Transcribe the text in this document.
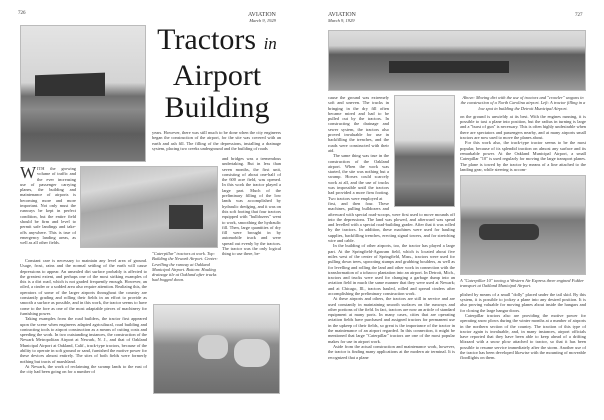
726	AVIATION
March 9, 1929
Tractors in
Airport
Building
years. However, there was still much to be done when the city engineers began the construction of the airport, for the site was covered with an earth and ash fill. The filling of the depressions, installing a drainage system, placing two creeks underground and the building of roads
and bridges was a tremendous undertaking. But in less than seven months, the first unit, consisting of about one-half of the 600 acre field, was opened. In this work the tractor played a large part. Much of the preliminary filling of the low lands was accomplished by hydraulic dredging, and it was on this soft footing that four tractors equipped with "bulldozers" went to work, smoothing the hydraulic fill. Then, large quantities of dry fill were brought in by automobile truck and were spread out evenly by the tractors. The tractor was the only logical thing to use there, be-
WITH the growing volume of traffic and the ever increasing use of passenger carrying planes, the building and maintenance of airports is becoming more and more important. Not only must the runways be kept in perfect condition, but the entire field should be firm and level to permit safe landings and take-offs anywhere. This is true of emergency landing areas, as well as all other fields.
"Caterpillar" tractors at work. Top: Building the Newark Airport. Center: Levelling the runway at Oakland Municipal Airport. Bottom: Hauling drainage tile at Oakland after trucks had bogged down.

Constant care is necessary to maintain any level area of ground. Usage, frost, rains and the normal settling of the earth will cause depressions to appear. An unsealed dirt surface probably is affected to the greatest extent, and perhaps one of the most striking examples of this is a dirt road, which is not graded frequently enough. However, an oiled, a cinder or a sodded area also require attention. Realizing this, the operators of some of the larger airports throughout the country are constantly grading and rolling their fields in an effort to provide as smooth a surface as possible, and in this work, the tractor seems to have come to the fore as one of the most adaptable pieces of machinery for furnishing power.

Taking examples from the road builders, the tractor first appeared upon the scene when engineers adapted agricultural, road building and contracting tools to airport construction as a means of cutting costs and speeding the work. In two outstanding instances, the construction of the Newark Metropolitan Airport at Newark, N. J., and that of Oakland Municipal Airport at Oakland, Calif., track-type tractors, because of the ability to operate in soft ground or sand, furnished the motive power for these devices almost entirely. The sites of both fields were formerly nothing but tracts of marshland.

At Newark, the work of reclaiming the swamp lands to the east of the city had been going on for a number of

AVIATION
March 9, 1929
727
cause the ground was extremely soft and uneven. The trucks in bringing in the dry fill often became mired and had to be pulled out by the tractors. In constructing the drainage and sewer system, the tractors also proved invaluable for use in backfilling the trenches, and the roads were constructed with their aid.
The same thing was true in the construction of the Oakland airport. When the work was started, the site was nothing but a swamp. Horses could scarcely work at all, and the use of trucks was impossible until the tractors had provided a more firm footing. Two tractors were employed at

first, and then four. These machines, pulling bulldozers and afterward with special road-scoops, were first used to move mounds off into the depressions. The land was plowed, and afterward was spead and levelled with a special road-building grader. After that it was rolled by the tractors. In addition, these machines were used for hauling supplies, backfilling trenches, erecting signal towers, and for stretching wire and cable.

In the building of other airports, too, the tractor has played a large part. At the Springfield-Agawam field, which is located about five miles west of the center of Springfield, Mass., tractors were used for pulling down trees, uprooting stumps and grubbing boulders, as well as for levelling and rolling the land and other work in connection with the transformation of a tobacco plantation into an airport. In Detroit, Mich., tractors and trucks were used for changing a garbage dump into an aviation field in much the same manner that they were used at Newark; and at Chicago, Ill., tractors hauled, rolled and spread cinders after accomplishing the preliminary construction work.

At these airports and others, the tractors are still in service and are used constantly in maintaining smooth surfaces on the runways and other portions of the field. In fact, tractors are now an article of standard equipment at many ports. In many cases, cities that are operating aviation fields have purchased and assigned tractors for permanent use in the upkeep of their fields, so great is the importance of the tractor in the maintenance of an airport regarded. In this connection, it might be mentioned that large "Caterpillar" tractors are one of the most popular makes for use in airport work.

Aside from the actual construction and maintenance work, however, the tractor is finding many applications at the modern air terminal. It is recognized that a plane

Above: Moving dirt with the use of tractors and "crawler" wagons in the construction of a North Carolina airport. Left: A tractor filling in a low spot in building the Detroit Municipal Airport.

on the ground is unwieldy at its best. With the engines running, it is possible to taxi a plane into position, but the radius in turning is large and a "burst of gun" is necessary. This is often highly undesirable when there are spectators and passengers nearby, and at many airports small tractors are now used to move the planes about.

For this work also, the track-type tractor seems to be the most popular, because of its splendid traction on almost any surface and its remarkable power. At the Oakland Municipal Airport, a small Caterpillar "10" is used regularly for moving the large transport planes. The plane is towed by the tractor by means of a line attached to the landing gear, while steering is accom-

A "Caterpillar 10" towing a Western Air Express three engined Fokker transport at Oakland Municipal Airport.

plished by means of a small "dolly" placed under the tail skid. By this system, it is possible to jockey a plane into any desired position. It is also proving valuable for moving planes about inside the hangars and for closing the large hangar doors.

Caterpillar tractors also are providing the motive power for operating snow plows during the winter months at a number of airports in the northern section of the country. The traction of this type of tractor again is invaluable, and, in many instances, airport officials have reported that they have been able to keep ahead of a drifting blizzard with a snow plow attached to tractor, so that it has been possible to resume service immediately after the storm. Another use of the tractor has been developed likewise with the mounting of moveable floodlights on them.
